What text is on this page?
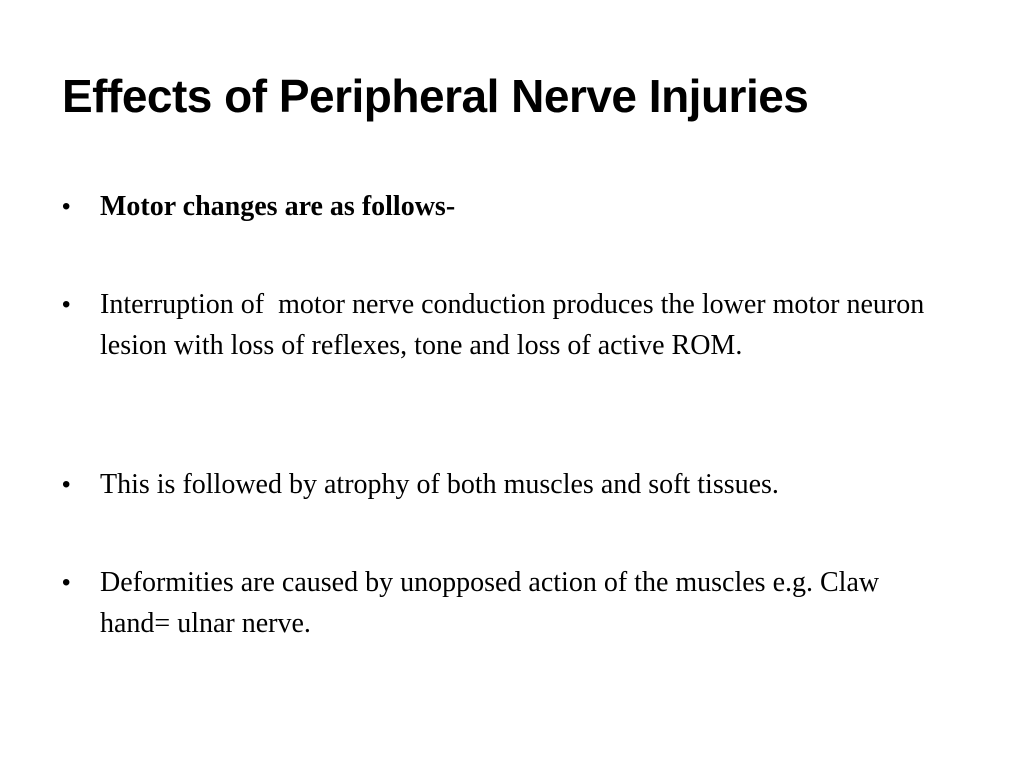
Effects of Peripheral Nerve Injuries
•	Motor changes are as follows-
•	Interruption of  motor nerve conduction produces the lower motor neuron lesion with loss of reflexes, tone and loss of active ROM.
•	This is followed by atrophy of both muscles and soft tissues.
•	Deformities are caused by unopposed action of the muscles e.g. Claw hand= ulnar nerve.
